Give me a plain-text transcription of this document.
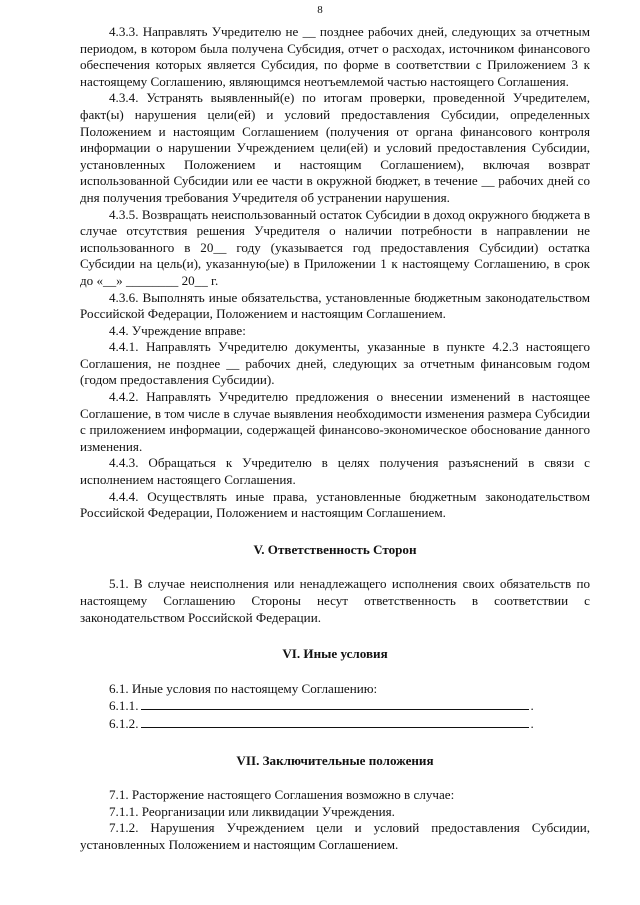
8

4.3.3. Направлять Учредителю не __ позднее рабочих дней, следующих за отчетным периодом, в котором была получена Субсидия, отчет о расходах, источником финансового обеспечения которых является Субсидия, по форме в соответствии с Приложением 3 к настоящему Соглашению, являющимся неотъемлемой частью настоящего Соглашения.

4.3.4. Устранять выявленный(е) по итогам проверки, проведенной Учредителем, факт(ы) нарушения цели(ей) и условий предоставления Субсидии, определенных Положением и настоящим Соглашением (получения от органа финансового контроля информации о нарушении Учреждением цели(ей) и условий предоставления Субсидии, установленных Положением и настоящим Соглашением), включая возврат использованной Субсидии или ее части в окружной бюджет, в течение __ рабочих дней со дня получения требования Учредителя об устранении нарушения.

4.3.5. Возвращать неиспользованный остаток Субсидии в доход окружного бюджета в случае отсутствия решения Учредителя о наличии потребности в направлении не использованного в 20__ году (указывается год предоставления Субсидии) остатка Субсидии на цель(и), указанную(ые) в Приложении 1 к настоящему Соглашению, в срок до «__» ________ 20__ г.

4.3.6. Выполнять иные обязательства, установленные бюджетным законодательством Российской Федерации, Положением и настоящим Соглашением.

4.4. Учреждение вправе:

4.4.1. Направлять Учредителю документы, указанные в пункте 4.2.3 настоящего Соглашения, не позднее __ рабочих дней, следующих за отчетным финансовым годом (годом предоставления Субсидии).

4.4.2. Направлять Учредителю предложения о внесении изменений в настоящее Соглашение, в том числе в случае выявления необходимости изменения размера Субсидии с приложением информации, содержащей финансово-экономическое обоснование данного изменения.

4.4.3. Обращаться к Учредителю в целях получения разъяснений в связи с исполнением настоящего Соглашения.

4.4.4. Осуществлять иные права, установленные бюджетным законодательством Российской Федерации, Положением и настоящим Соглашением.

V. Ответственность Сторон

5.1. В случае неисполнения или ненадлежащего исполнения своих обязательств по настоящему Соглашению Стороны несут ответственность в соответствии с законодательством Российской Федерации.

VI. Иные условия

6.1. Иные условия по настоящему Соглашению:

6.1.1.	.
6.1.2.	.

VII. Заключительные положения

7.1. Расторжение настоящего Соглашения возможно в случае:

7.1.1. Реорганизации или ликвидации Учреждения.

7.1.2. Нарушения Учреждением цели и условий предоставления Субсидии, установленных Положением и настоящим Соглашением.
